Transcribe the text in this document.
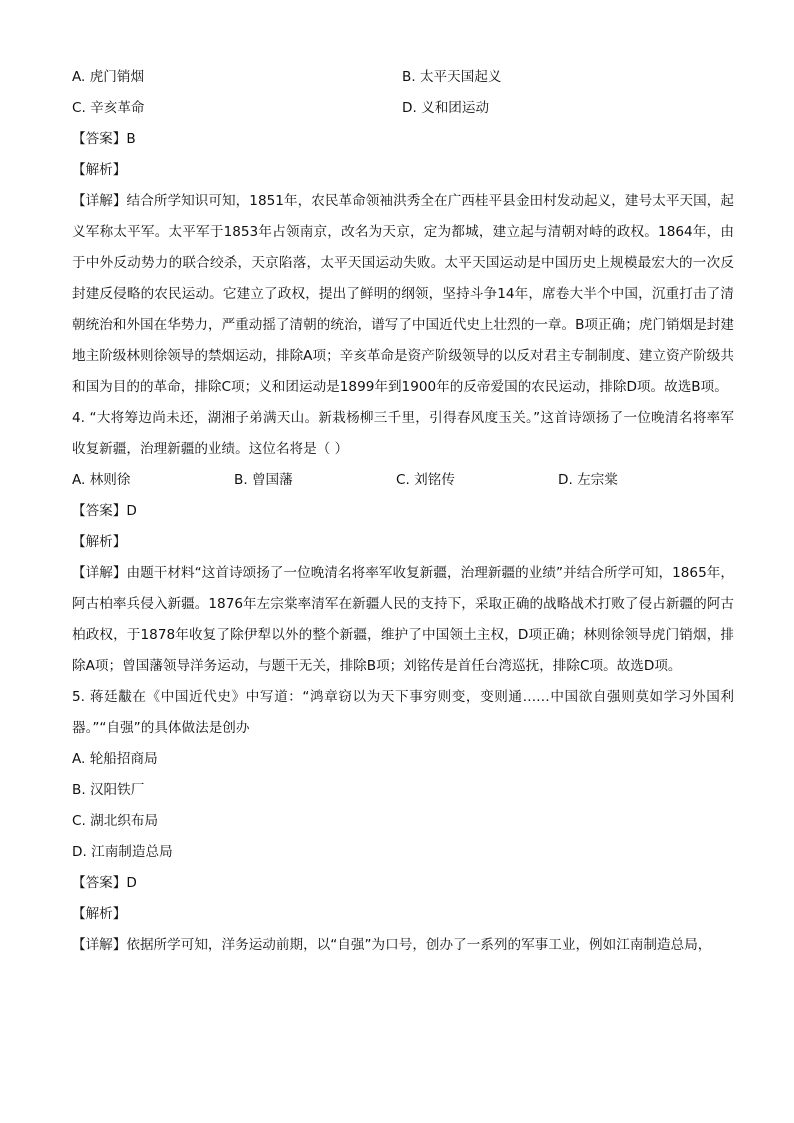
A. 虎门销烟	B. 太平天国起义
C. 辛亥革命	D. 义和团运动
【答案】B
【解析】
【详解】结合所学知识可知，1851年，农民革命领袖洪秀全在广西桂平县金田村发动起义，建号太平天国，起义军称太平军。太平军于1853年占领南京，改名为天京，定为都城，建立起与清朝对峙的政权。1864年，由于中外反动势力的联合绞杀，天京陷落，太平天国运动失败。太平天国运动是中国历史上规模最宏大的一次反封建反侵略的农民运动。它建立了政权，提出了鲜明的纲领，坚持斗争14年，席卷大半个中国，沉重打击了清朝统治和外国在华势力，严重动摇了清朝的统治，谱写了中国近代史上壮烈的一章。B项正确；虎门销烟是封建地主阶级林则徐领导的禁烟运动，排除A项；辛亥革命是资产阶级领导的以反对君主专制制度、建立资产阶级共和国为目的的革命，排除C项；义和团运动是1899年到1900年的反帝爱国的农民运动，排除D项。故选B项。
4. “大将筹边尚未还，湖湘子弟满天山。新栽杨柳三千里，引得春风度玉关。”这首诗颂扬了一位晚清名将率军收复新疆，治理新疆的业绩。这位名将是（ ）
A. 林则徐	B. 曾国藩	C. 刘铭传	D. 左宗棠
【答案】D
【解析】
【详解】由题干材料“这首诗颂扬了一位晚清名将率军收复新疆，治理新疆的业绩”并结合所学可知，1865年，阿古柏率兵侵入新疆。1876年左宗棠率清军在新疆人民的支持下，采取正确的战略战术打败了侵占新疆的阿古柏政权，于1878年收复了除伊犁以外的整个新疆，维护了中国领土主权，D项正确；林则徐领导虎门销烟，排除A项；曾国藩领导洋务运动，与题干无关，排除B项；刘铭传是首任台湾巡抚，排除C项。故选D项。
5. 蒋廷黻在《中国近代史》中写道：“鸿章窃以为天下事穷则变，变则通……中国欲自强则莫如学习外国利器。”“自强”的具体做法是创办
A. 轮船招商局
B. 汉阳铁厂
C. 湖北织布局
D. 江南制造总局
【答案】D
【解析】
【详解】依据所学可知，洋务运动前期，以“自强”为口号，创办了一系列的军事工业，例如江南制造总局，
